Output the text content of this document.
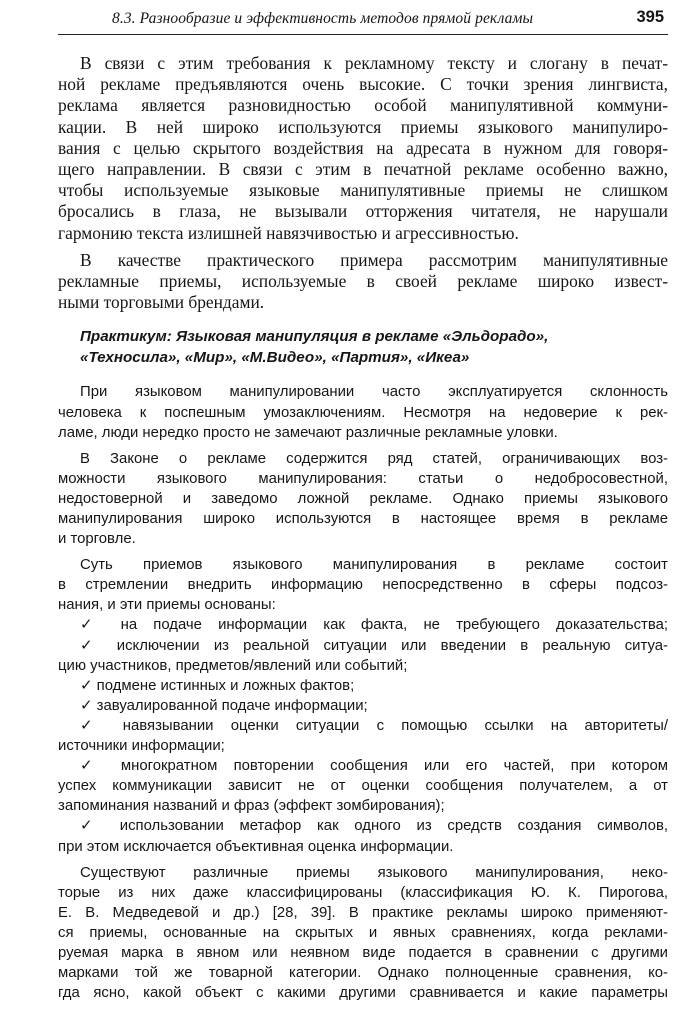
8.3. Разнообразие и эффективность методов прямой рекламы	395
В связи с этим требования к рекламному тексту и слогану в печат-
ной рекламе предъявляются очень высокие. С точки зрения лингвиста,
реклама является разновидностью особой манипулятивной коммуни-
кации. В ней широко используются приемы языкового манипулиро-
вания с целью скрытого воздействия на адресата в нужном для говоря-
щего направлении. В связи с этим в печатной рекламе особенно важно,
чтобы используемые языковые манипулятивные приемы не слишком
бросались в глаза, не вызывали отторжения читателя, не нарушали
гармонию текста излишней навязчивостью и агрессивностью.
В качестве практического примера рассмотрим манипулятивные
рекламные приемы, используемые в своей рекламе широко извест-
ными торговыми брендами.
Практикум: Языковая манипуляция в рекламе «Эльдорадо»,
«Техносила», «Мир», «М.Видео», «Партия», «Икеа»
При языковом манипулировании часто эксплуатируется склонность
человека к поспешным умозаключениям. Несмотря на недоверие к рек-
ламе, люди нередко просто не замечают различные рекламные уловки.
В Законе о рекламе содержится ряд статей, ограничивающих воз-
можности языкового манипулирования: статьи о недобросовестной,
недостоверной и заведомо ложной рекламе. Однако приемы языкового
манипулирования широко используются в настоящее время в рекламе
и торговле.
Суть приемов языкового манипулирования в рекламе состоит
в стремлении внедрить информацию непосредственно в сферы подсоз-
нания, и эти приемы основаны:
✓ на подаче информации как факта, не требующего доказательства;
✓ исключении из реальной ситуации или введении в реальную ситуа-
цию участников, предметов/явлений или событий;
✓ подмене истинных и ложных фактов;
✓ завуалированной подаче информации;
✓ навязывании оценки ситуации с помощью ссылки на авторитеты/
источники информации;
✓ многократном повторении сообщения или его частей, при котором
успех коммуникации зависит не от оценки сообщения получателем, а от
запоминания названий и фраз (эффект зомбирования);
✓ использовании метафор как одного из средств создания символов,
при этом исключается объективная оценка информации.
Существуют различные приемы языкового манипулирования, неко-
торые из них даже классифицированы (классификация Ю. К. Пирогова,
Е. В. Медведевой и др.) [28, 39]. В практике рекламы широко применяют-
ся приемы, основанные на скрытых и явных сравнениях, когда реклами-
руемая марка в явном или неявном виде подается в сравнении с другими
марками той же товарной категории. Однако полноценные сравнения, ко-
гда ясно, какой объект с какими другими сравнивается и какие параметры
